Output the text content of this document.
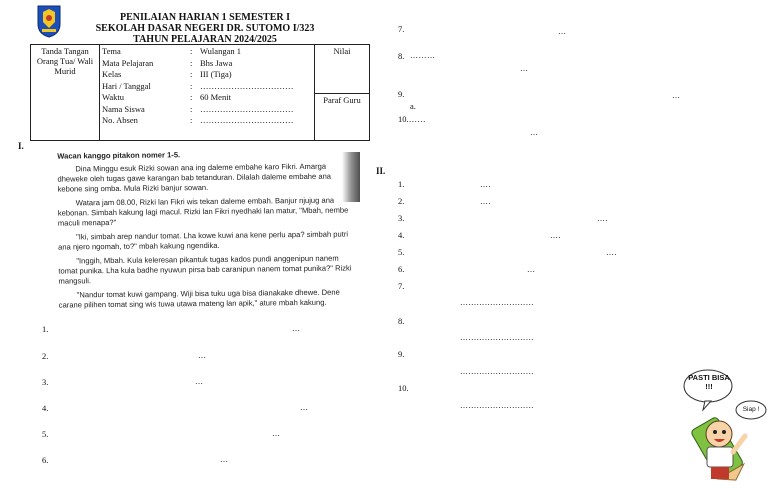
PENILAIAN HARIAN 1 SEMESTER I
SEKOLAH DASAR NEGERI DR. SUTOMO I/323
TAHUN PELAJARAN 2024/2025
Tanda Tangan Orang Tua/ Wali Murid	
Tema	: Wulangan 1
Mata Pelajaran	: Bhs Jawa
Kelas	: III (Tiga)
Hari / Tanggal	: ……………………………
Waktu	: 60 Menit
Nama Siswa	: ……………………………
No. Absen	: ……………………………
	Nilai
Paraf Guru
I.

Wacan kanggo pitakon nomer 1-5.

Dina Minggu esuk Rizki sowan ana ing daleme embahe karo Fikri. Amarga dheweke oleh tugas gawe karangan bab tetanduran. Dilalah daleme embahe ana kebone sing omba. Mula Rizki banjur sowan.

Watara jam 08.00, Rizki lan Fikri wis tekan daleme embah. Banjur njujug ana kebonan. Simbah kakung lagi macul. Rizki lan Fikri nyedhaki lan matur, "Mbah, nembe maculi menapa?"

"Iki, simbah arep nandur tomat. Lha kowe kuwi ana kene perlu apa? simbah putri ana njero ngomah, to?" mbah kakung ngendika.

"Inggih, Mbah. Kula keleresan pikantuk tugas kados pundi anggenipun nanem tomat punika. Lha kula badhe nyuwun pirsa bab caranipun nanem tomat punika?" Rizki mangsuli.

"Nandur tomat kuwi gampang. Wiji bisa tuku uga bisa dianakake dhewe. Dene carane pilihen tomat sing wis tuwa utawa mateng lan apik," ature mbah kakung.

1.	…
2.	…
3.	…
4.	…
5.	…
6.	…
7.	…
8. ………
…
9.	…
a.
10.……
…
II.
1.	….
2.	….
3.	….
4.	….
5.	….
6.	…
7.
………………………
8.
………………………
9.
………………………
10.
………………………
PASTI BISA !!!
Siap !
